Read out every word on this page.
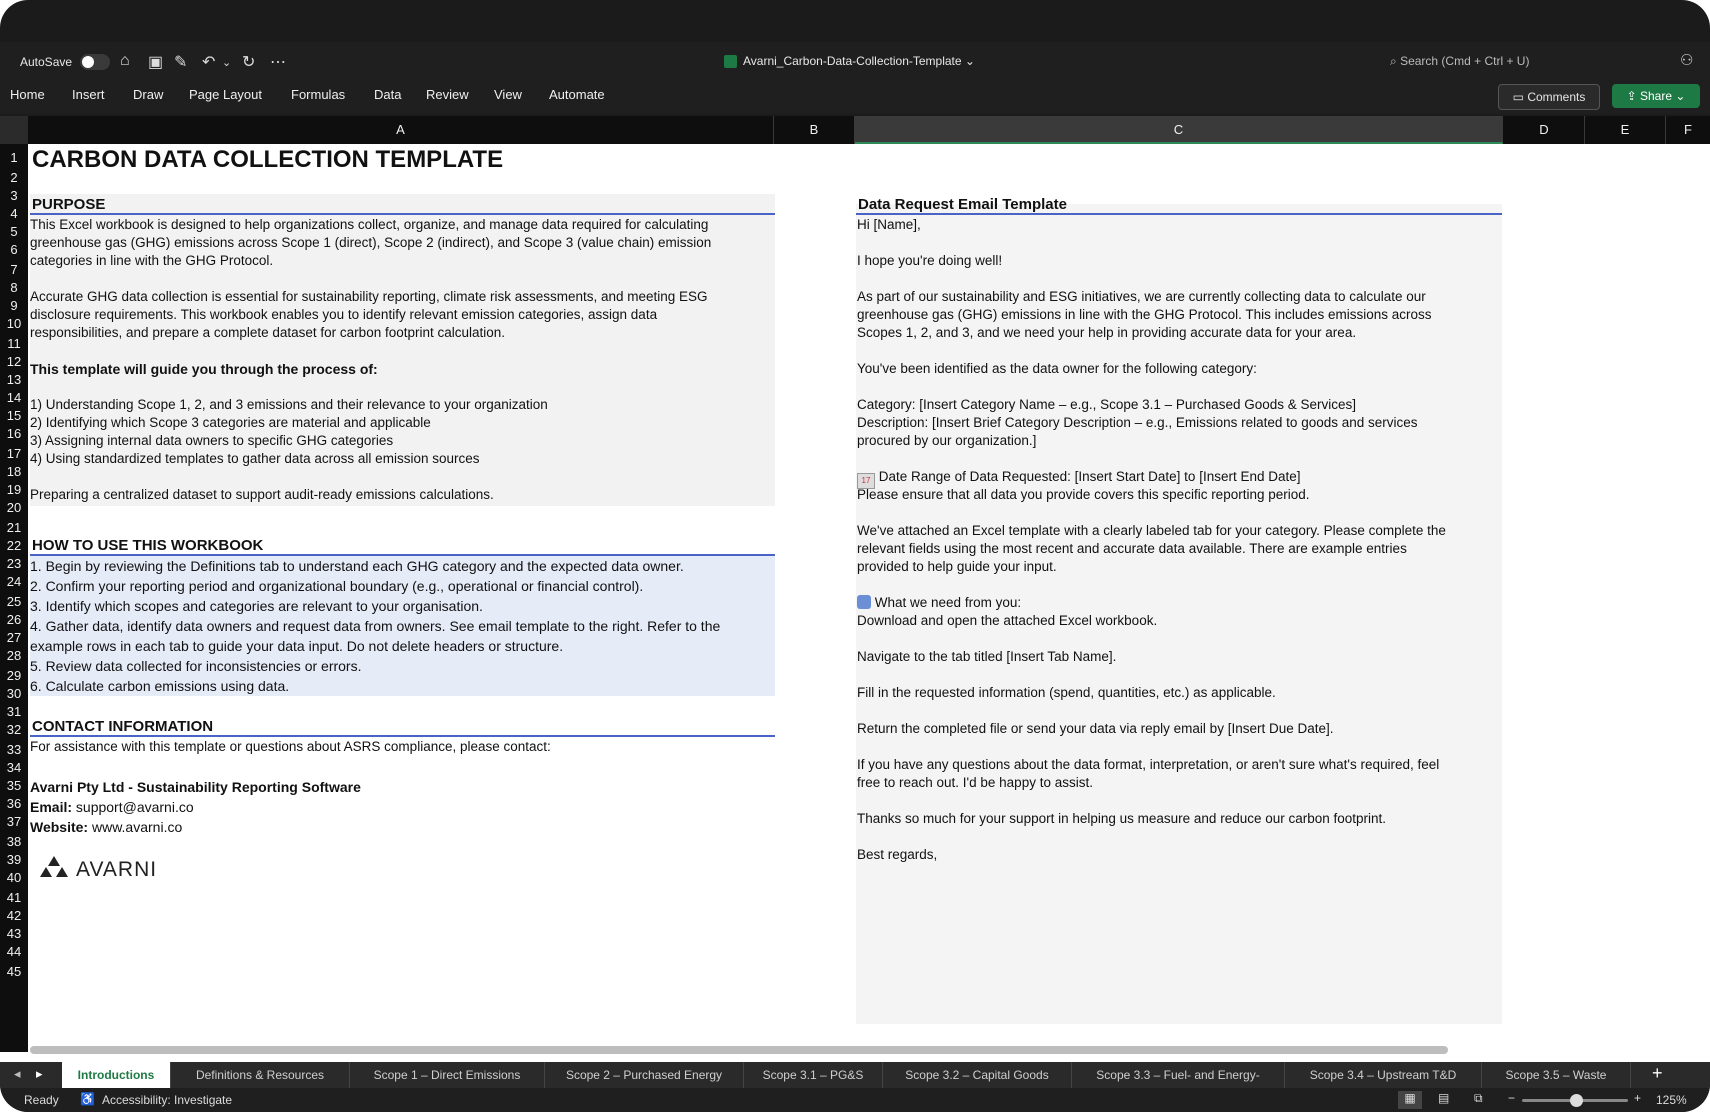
AutoSave	⌂ ▣ ✎ ↶ ⌄ ↻ ⋯	Avarni_Carbon-Data-Collection-Template ⌄	⌕ Search (Cmd + Ctrl + U)	⚇
Home Insert Draw Page Layout Formulas Data Review View Automate	▭ Comments	⇪ Share ⌄
A	B	C	D	E	F
1
2
3
4
5
6
7
8
9
10
11
12
13
14
15
16
17
18
19
20
21
22
23
24
25
26
27
28
29
30
31
32
33
34
35
36
37
38
39
40
41
42
43
44
45
CARBON DATA COLLECTION TEMPLATE
PURPOSE
This Excel workbook is designed to help organizations collect, organize, and manage data required for calculating
greenhouse gas (GHG) emissions across Scope 1 (direct), Scope 2 (indirect), and Scope 3 (value chain) emission
categories in line with the GHG Protocol.
Accurate GHG data collection is essential for sustainability reporting, climate risk assessments, and meeting ESG
disclosure requirements. This workbook enables you to identify relevant emission categories, assign data
responsibilities, and prepare a complete dataset for carbon footprint calculation.
This template will guide you through the process of:
1) Understanding Scope 1, 2, and 3 emissions and their relevance to your organization
2) Identifying which Scope 3 categories are material and applicable
3) Assigning internal data owners to specific GHG categories
4) Using standardized templates to gather data across all emission sources
Preparing a centralized dataset to support audit-ready emissions calculations.
HOW TO USE THIS WORKBOOK
1. Begin by reviewing the Definitions tab to understand each GHG category and the expected data owner.
2. Confirm your reporting period and organizational boundary (e.g., operational or financial control).
3. Identify which scopes and categories are relevant to your organisation.
4. Gather data, identify data owners and request data from owners. See email template to the right. Refer to the
example rows in each tab to guide your data input. Do not delete headers or structure.
5. Review data collected for inconsistencies or errors.
6. Calculate carbon emissions using data.
CONTACT INFORMATION
For assistance with this template or questions about ASRS compliance, please contact:
Avarni Pty Ltd - Sustainability Reporting Software
Email: support@avarni.co
Website: www.avarni.co
AVARNI
Data Request Email Template
Hi [Name],
I hope you're doing well!
As part of our sustainability and ESG initiatives, we are currently collecting data to calculate our
greenhouse gas (GHG) emissions in line with the GHG Protocol. This includes emissions across
Scopes 1, 2, and 3, and we need your help in providing accurate data for your area.
You've been identified as the data owner for the following category:
Category: [Insert Category Name – e.g., Scope 3.1 – Purchased Goods & Services]
Description: [Insert Brief Category Description – e.g., Emissions related to goods and services
procured by our organization.]
17 Date Range of Data Requested: [Insert Start Date] to [Insert End Date]
Please ensure that all data you provide covers this specific reporting period.
We've attached an Excel template with a clearly labeled tab for your category. Please complete the
relevant fields using the most recent and accurate data available. There are example entries
provided to help guide your input.
What we need from you:
Download and open the attached Excel workbook.
Navigate to the tab titled [Insert Tab Name].
Fill in the requested information (spend, quantities, etc.) as applicable.
Return the completed file or send your data via reply email by [Insert Due Date].
If you have any questions about the data format, interpretation, or aren't sure what's required, feel
free to reach out. I'd be happy to assist.
Thanks so much for your support in helping us measure and reduce our carbon footprint.
Best regards,
◂ ▸	Introductions	Definitions & Resources	Scope 1 – Direct Emissions	Scope 2 – Purchased Energy	Scope 3.1 – PG&S	Scope 3.2 – Capital Goods	Scope 3.3 – Fuel- and Energy-	Scope 3.4 – Upstream T&D	Scope 3.5 – Waste	+
Ready ♿ Accessibility: Investigate	▦	▤ ⧉ −	+ 125%
